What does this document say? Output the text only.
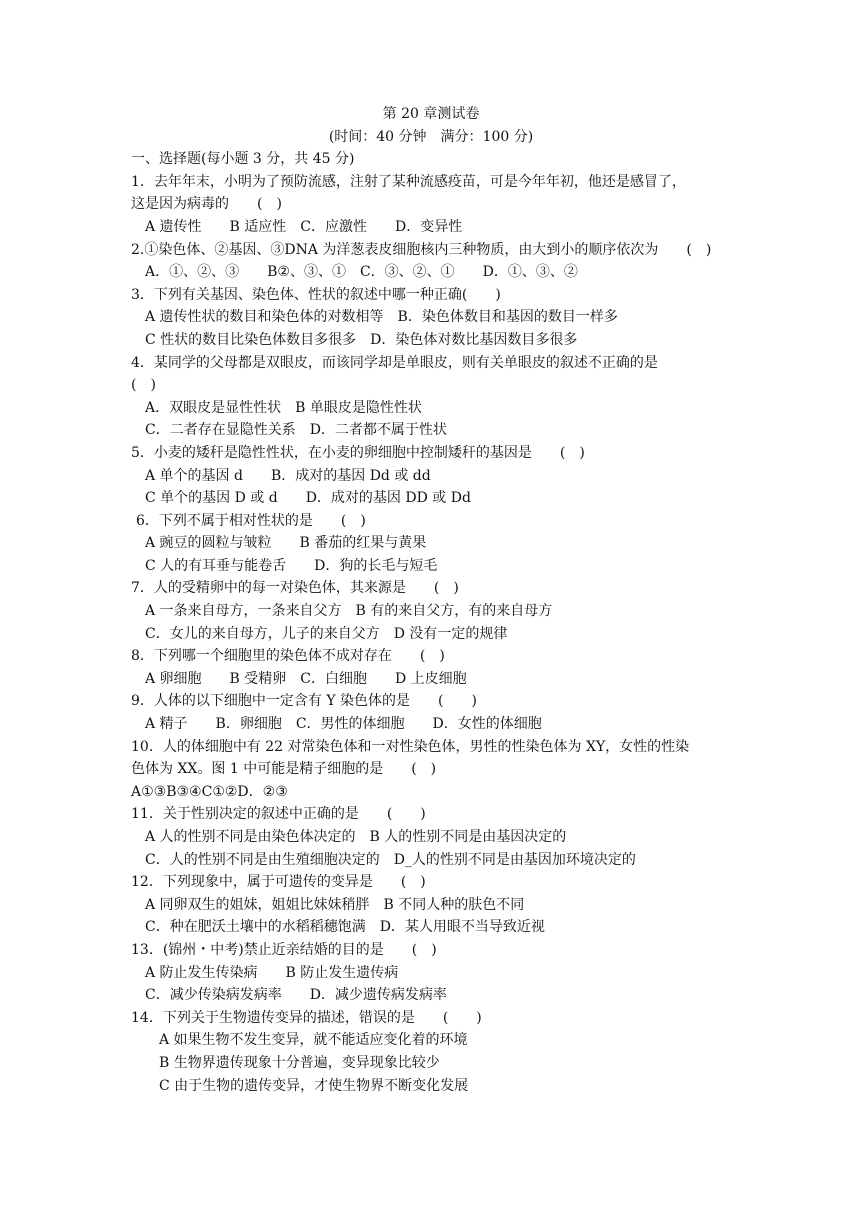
第 20 章测试卷
(时间：40 分钟　满分：100 分)
一、选择题(每小题 3 分，共 45 分)
1．去年年末，小明为了预防流感，注射了某种流感疫苗，可是今年年初，他还是感冒了，
这是因为病毒的　　(　)
A 遗传性　　B 适应性　C．应激性　　D．变异性
2.①染色体、②基因、③DNA 为洋葱表皮细胞核内三种物质，由大到小的顺序依次为　　(　)
A．①、②、③　　B②、③、①　C．③、②、①　　D．①、③、②
3．下列有关基因、染色体、性状的叙述中哪一种正确(　　)
A 遗传性状的数目和染色体的对数相等　B．染色体数目和基因的数目一样多
C 性状的数目比染色体数目多很多　D．染色体对数比基因数目多很多
4．某同学的父母都是双眼皮，而该同学却是单眼皮，则有关单眼皮的叙述不正确的是
(　)
A．双眼皮是显性性状　B 单眼皮是隐性性状
C．二者存在显隐性关系　D．二者都不属于性状
5．小麦的矮秆是隐性性状，在小麦的卵细胞中控制矮秆的基因是　　(　)
A 单个的基因 d　　B．成对的基因 Dd 或 dd
C 单个的基因 D 或 d　　D．成对的基因 DD 或 Dd
6．下列不属于相对性状的是　　(　)
A 豌豆的圆粒与皱粒　　B 番茄的红果与黄果
C 人的有耳垂与能卷舌　　D．狗的长毛与短毛
7．人的受精卵中的每一对染色体，其来源是　　(　)
A 一条来自母方，一条来自父方　B 有的来自父方，有的来自母方
C．女儿的来自母方，儿子的来自父方　D 没有一定的规律
8．下列哪一个细胞里的染色体不成对存在　　(　)
A 卵细胞　　B 受精卵　C．白细胞　　D 上皮细胞
9．人体的以下细胞中一定含有 Y 染色体的是　　(　　)
A 精子　　B．卵细胞　C．男性的体细胞　　D．女性的体细胞
10．人的体细胞中有 22 对常染色体和一对性染色体，男性的性染色体为 XY，女性的性染
色体为 XX。图 1 中可能是精子细胞的是　　(　)
A①③B③④C①②D．②③
11．关于性别决定的叙述中正确的是　　(　　)
A 人的性别不同是由染色体决定的　B 人的性别不同是由基因决定的
C．人的性别不同是由生殖细胞决定的　D_人的性别不同是由基因加环境决定的
12．下列现象中，属于可遗传的变异是　　(　)
A 同卵双生的姐妹，姐姐比妹妹稍胖　B 不同人种的肤色不同
C．种在肥沃土壤中的水稻稻穗饱满　D．某人用眼不当导致近视
13．(锦州・中考)禁止近亲结婚的目的是　　(　)
A 防止发生传染病　　B 防止发生遗传病
C．减少传染病发病率　　D．减少遗传病发病率
14．下列关于生物遗传变异的描述，错误的是　　(　　)
A 如果生物不发生变异，就不能适应变化着的环境
B 生物界遗传现象十分普遍，变异现象比较少
C 由于生物的遗传变异，才使生物界不断变化发展
